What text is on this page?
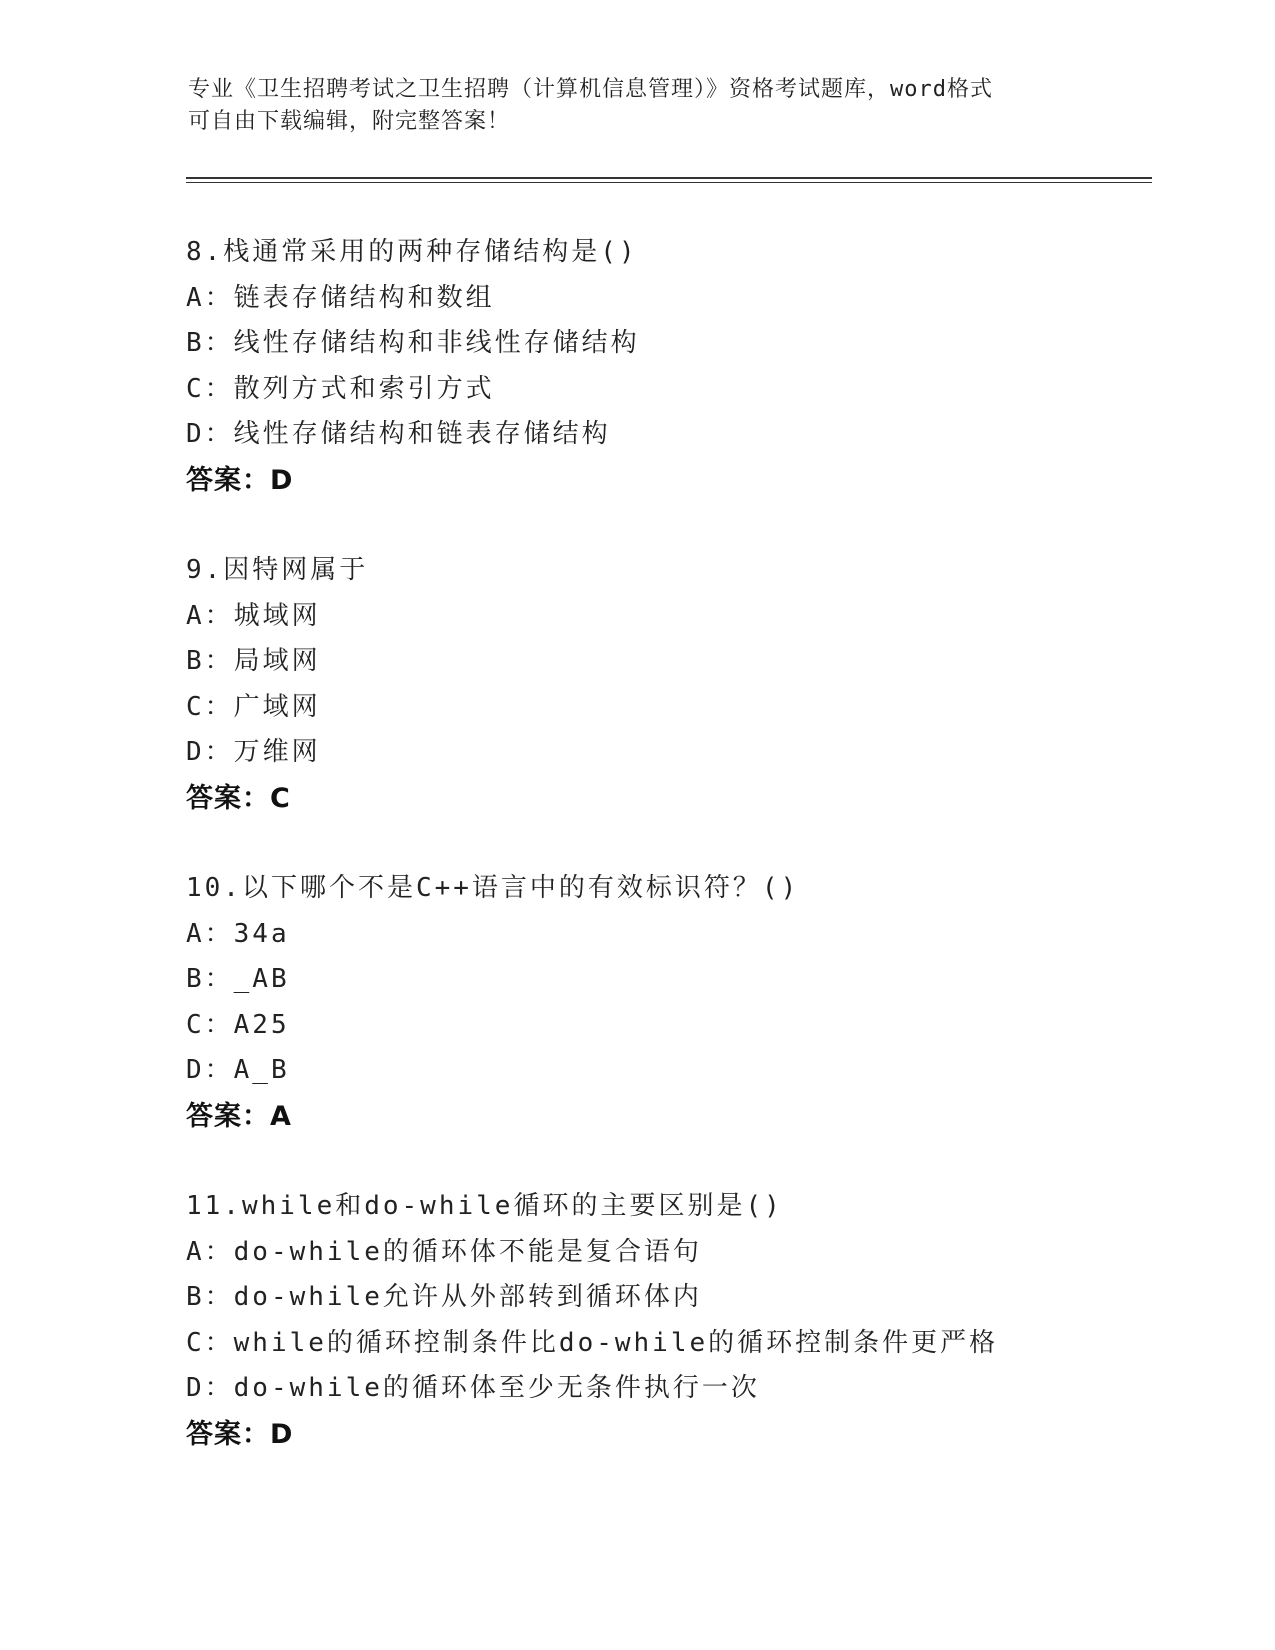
专业《卫生招聘考试之卫生招聘（计算机信息管理）》资格考试题库，word格式
可自由下载编辑，附完整答案！
8.栈通常采用的两种存储结构是()
A：链表存储结构和数组
B：线性存储结构和非线性存储结构
C：散列方式和索引方式
D：线性存储结构和链表存储结构
答案：D
9.因特网属于
A：城域网
B：局域网
C：广域网
D：万维网
答案：C
10.以下哪个不是C++语言中的有效标识符？()
A：34a
B：_AB
C：A25
D：A_B
答案：A
11.while和do-while循环的主要区别是()
A：do-while的循环体不能是复合语句
B：do-while允许从外部转到循环体内
C：while的循环控制条件比do-while的循环控制条件更严格
D：do-while的循环体至少无条件执行一次
答案：D
